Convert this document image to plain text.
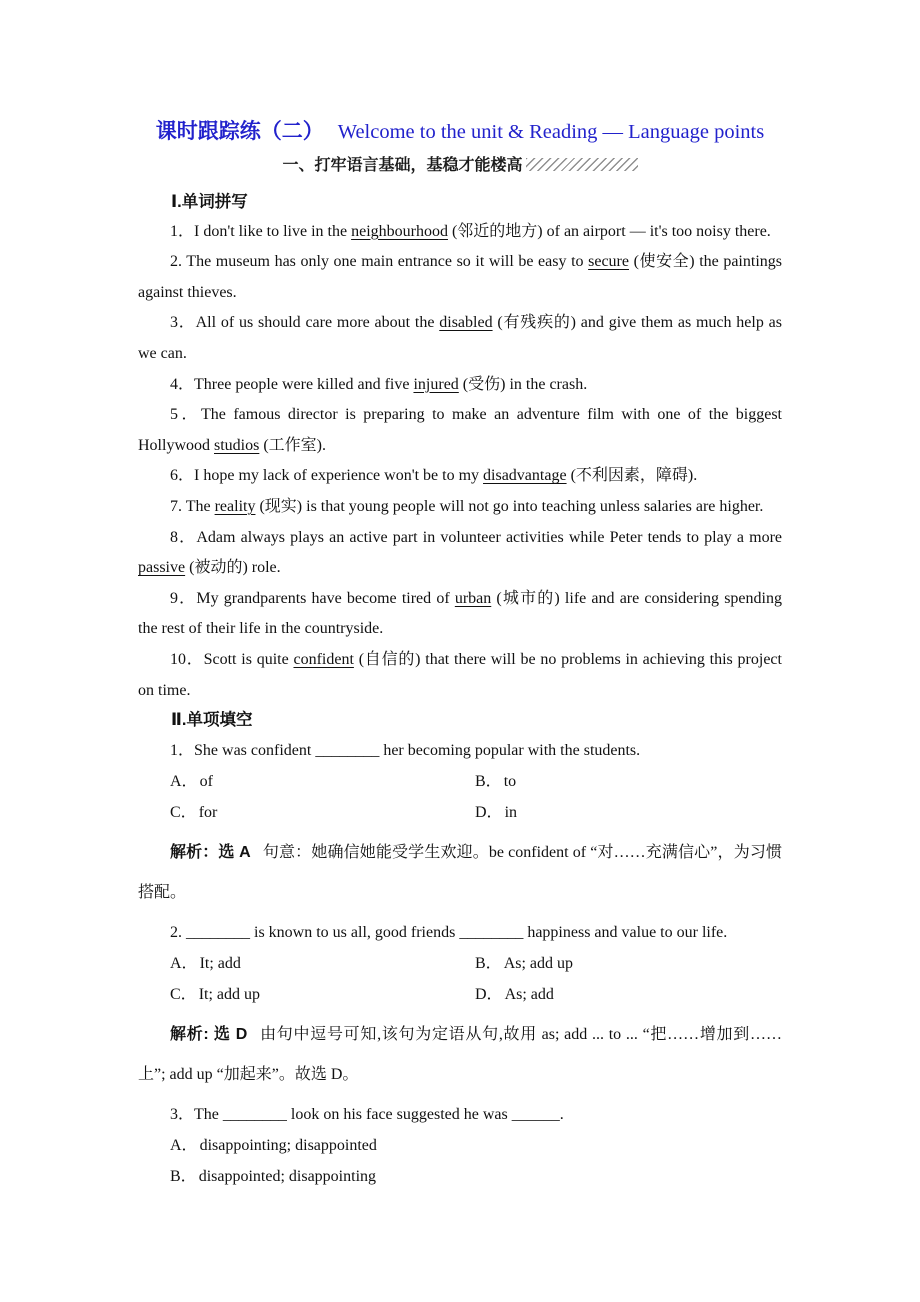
课时跟踪练（二） Welcome to the unit & Reading — Language points
一、打牢语言基础，基稳才能楼高

Ⅰ.单词拼写

1．I don't like to live in the neighbourhood (邻近的地方) of an airport — it's too noisy there.

2. The museum has only one main entrance so it will be easy to secure (使安全) the paintings against thieves.

3．All of us should care more about the disabled (有残疾的) and give them as much help as we can.

4．Three people were killed and five injured (受伤) in the crash.

5．The famous director is preparing to make an adventure film with one of the biggest Hollywood studios (工作室).

6．I hope my lack of experience won't be to my disadvantage (不利因素，障碍).

7. The reality (现实) is that young people will not go into teaching unless salaries are higher.

8．Adam always plays an active part in volunteer activities while Peter tends to play a more passive (被动的) role.

9．My grandparents have become tired of urban (城市的) life and are considering spending the rest of their life in the countryside.

10．Scott is quite confident (自信的) that there will be no problems in achieving this project on time.

Ⅱ.单项填空

1．She was confident ________ her becoming popular with the students.

A． of	B． to
C． for	D． in

解析：选 A 句意：她确信她能受学生欢迎。be confident of “对……充满信心”，为习惯搭配。

2. ________ is known to us all, good friends ________ happiness and value to our life.

A． It; add	B． As; add up
C． It; add up	D． As; add

解析: 选 D 由句中逗号可知,该句为定语从句,故用 as; add ... to ... “把……增加到……上”; add up “加起来”。故选 D。

3．The ________ look on his face suggested he was ______.

A． disappointing; disappointed
B． disappointed; disappointing
